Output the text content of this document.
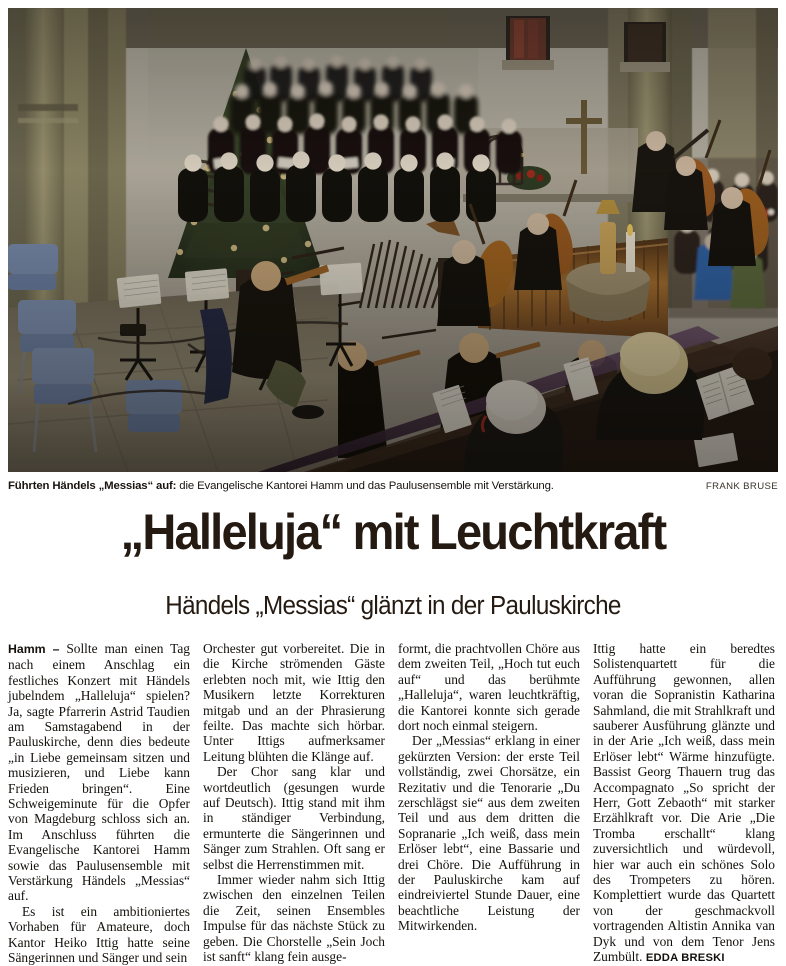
Führten Händels „Messias“ auf: die Evangelische Kantorei Hamm und das Paulusensemble mit Verstärkung.	FRANK BRUSE
„Halleluja“ mit Leuchtkraft
Händels „Messias“ glänzt in der Pauluskirche

Hamm – Sollte man einen Tag nach einem Anschlag ein festliches Konzert mit Händels jubelndem „Halleluja“ spielen? Ja, sagte Pfarrerin Astrid Taudien am Samstagabend in der Pauluskirche, denn dies bedeute „in Liebe gemeinsam sitzen und musizieren, und Liebe kann Frieden bringen“. Eine Schweigeminute für die Opfer von Magdeburg schloss sich an. Im Anschluss führten die Evangelische Kantorei Hamm sowie das Paulusensemble mit Verstärkung Händels „Messias“ auf.

Es ist ein ambitioniertes Vorhaben für Amateure, doch Kantor Heiko Ittig hatte seine Sängerinnen und Sänger und sein

Orchester gut vorbereitet. Die in die Kirche strömenden Gäste erlebten noch mit, wie Ittig den Musikern letzte Korrekturen mitgab und an der Phrasierung feilte. Das machte sich hörbar. Unter Ittigs aufmerksamer Leitung blühten die Klänge auf.

Der Chor sang klar und wortdeutlich (gesungen wurde auf Deutsch). Ittig stand mit ihm in ständiger Verbindung, ermunterte die Sängerinnen und Sänger zum Strahlen. Oft sang er selbst die Herrenstimmen mit.

Immer wieder nahm sich Ittig zwischen den einzelnen Teilen die Zeit, seinen Ensembles Impulse für das nächste Stück zu geben. Die Chorstelle „Sein Joch ist sanft“ klang fein ausge-

formt, die prachtvollen Chöre aus dem zweiten Teil, „Hoch tut euch auf“ und das berühmte „Halleluja“, waren leuchtkräftig, die Kantorei konnte sich gerade dort noch einmal steigern.

Der „Messias“ erklang in einer gekürzten Version: der erste Teil vollständig, zwei Chorsätze, ein Rezitativ und die Tenorarie „Du zerschlägst sie“ aus dem zweiten Teil und aus dem dritten die Sopranarie „Ich weiß, dass mein Erlöser lebt“, eine Bassarie und drei Chöre. Die Aufführung in der Pauluskirche kam auf eindreiviertel Stunde Dauer, eine beachtliche Leistung der Mitwirkenden.

Ittig hatte ein beredtes Solistenquartett für die Aufführung gewonnen, allen voran die Sopranistin Katharina Sahmland, die mit Strahlkraft und sauberer Ausführung glänzte und in der Arie „Ich weiß, dass mein Erlöser lebt“ Wärme hinzufügte. Bassist Georg Thauern trug das Accompagnato „So spricht der Herr, Gott Zebaoth“ mit starker Erzählkraft vor. Die Arie „Die Tromba erschallt“ klang zuversichtlich und würdevoll, hier war auch ein schönes Solo des Trompeters zu hören. Komplettiert wurde das Quartett von der geschmackvoll vortragenden Altistin Annika van Dyk und von dem Tenor Jens Zumbült. EDDA BRESKI
